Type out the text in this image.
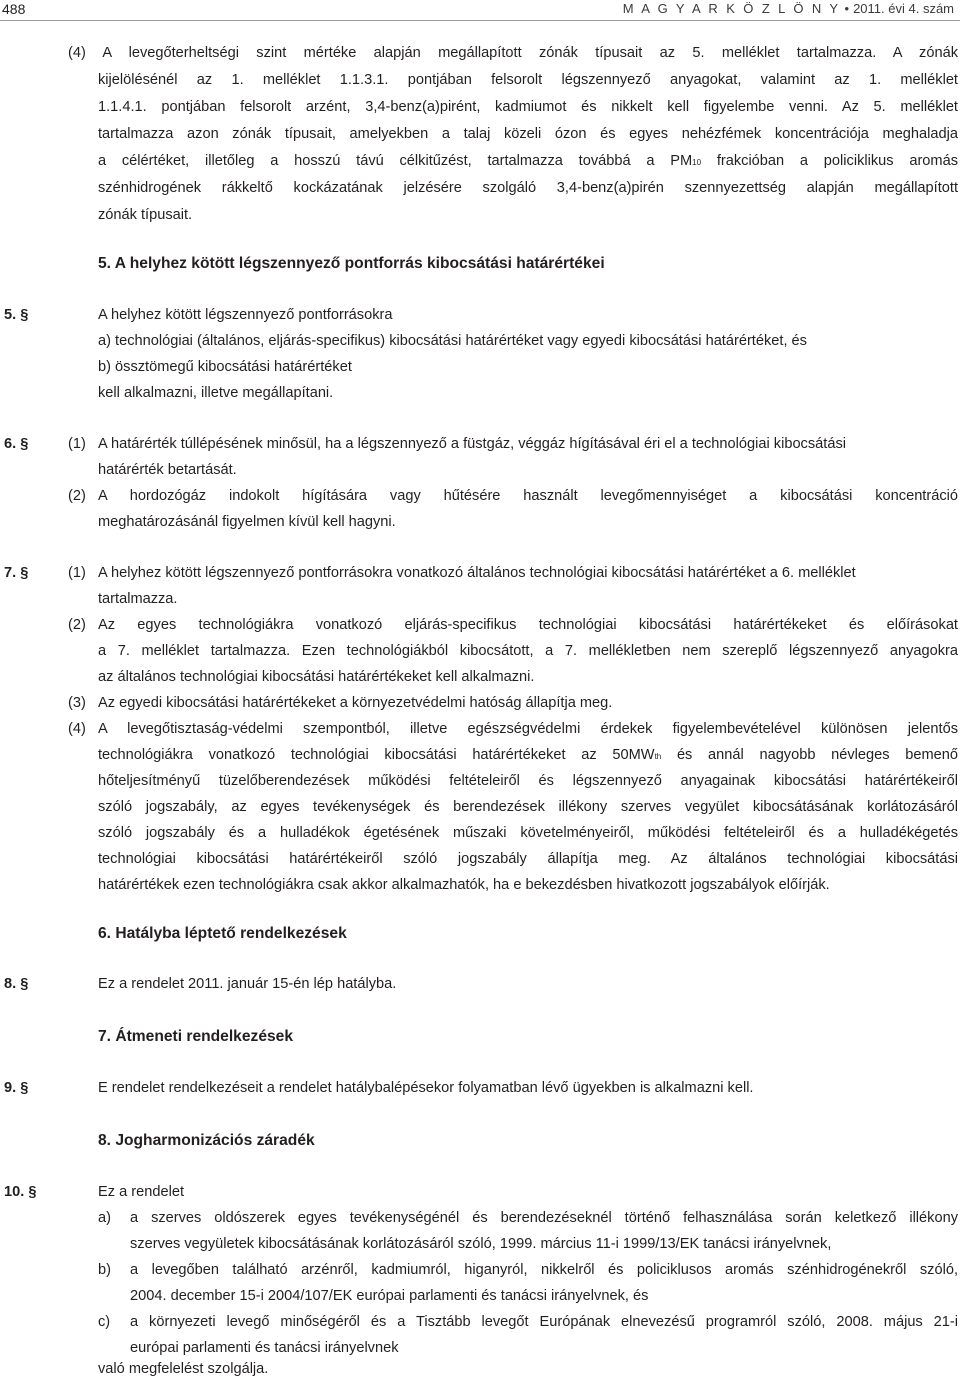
488	M A G Y A R K Ö Z L Ö N Y • 2011. évi 4. szám
(4) A levegőterheltségi szint mértéke alapján megállapított zónák típusait az 5. melléklet tartalmazza. A zónák
kijelölésénél az 1. melléklet 1.1.3.1. pontjában felsorolt légszennyező anyagokat, valamint az 1. melléklet
1.1.4.1. pontjában felsorolt arzént, 3,4-benz(a)pirént, kadmiumot és nikkelt kell figyelembe venni. Az 5. melléklet
tartalmazza azon zónák típusait, amelyekben a talaj közeli ózon és egyes nehézfémek koncentrációja meghaladja
a célértéket, illetőleg a hosszú távú célkitűzést, tartalmazza továbbá a PM10 frakcióban a policiklikus aromás
szénhidrogének rákkeltő kockázatának jelzésére szolgáló 3,4-benz(a)pirén szennyezettség alapján megállapított
zónák típusait.
5. A helyhez kötött légszennyező pontforrás kibocsátási határértékei
5. §	A helyhez kötött légszennyező pontforrásokra
a) technológiai (általános, eljárás-specifikus) kibocsátási határértéket vagy egyedi kibocsátási határértéket, és
b) össztömegű kibocsátási határértéket
kell alkalmazni, illetve megállapítani.
6. §	(1) A határérték túllépésének minősül, ha a légszennyező a füstgáz, véggáz hígításával éri el a technológiai kibocsátási
határérték betartását.
(2) A hordozógáz indokolt hígítására vagy hűtésére használt levegőmennyiséget a kibocsátási koncentráció
meghatározásánál figyelmen kívül kell hagyni.
7. §	(1) A helyhez kötött légszennyező pontforrásokra vonatkozó általános technológiai kibocsátási határértéket a 6. melléklet
tartalmazza.
(2) Az egyes technológiákra vonatkozó eljárás-specifikus technológiai kibocsátási határértékeket és előírásokat
a 7. melléklet tartalmazza. Ezen technológiákból kibocsátott, a 7. mellékletben nem szereplő légszennyező anyagokra
az általános technológiai kibocsátási határértékeket kell alkalmazni.
(3) Az egyedi kibocsátási határértékeket a környezetvédelmi hatóság állapítja meg.
(4) A levegőtisztaság-védelmi szempontból, illetve egészségvédelmi érdekek figyelembevételével különösen jelentős
technológiákra vonatkozó technológiai kibocsátási határértékeket az 50MWth és annál nagyobb névleges bemenő
hőteljesítményű tüzelőberendezések működési feltételeiről és légszennyező anyagainak kibocsátási határértékeiről
szóló jogszabály, az egyes tevékenységek és berendezések illékony szerves vegyület kibocsátásának korlátozásáról
szóló jogszabály és a hulladékok égetésének műszaki követelményeiről, működési feltételeiről és a hulladékégetés
technológiai kibocsátási határértékeiről szóló jogszabály állapítja meg. Az általános technológiai kibocsátási
határértékek ezen technológiákra csak akkor alkalmazhatók, ha e bekezdésben hivatkozott jogszabályok előírják.
6. Hatályba léptető rendelkezések
8. §	Ez a rendelet 2011. január 15-én lép hatályba.
7. Átmeneti rendelkezések
9. §	E rendelet rendelkezéseit a rendelet hatálybalépésekor folyamatban lévő ügyekben is alkalmazni kell.
8. Jogharmonizációs záradék
10. §	Ez a rendelet
a) a szerves oldószerek egyes tevékenységénél és berendezéseknél történő felhasználása során keletkező illékony
szerves vegyületek kibocsátásának korlátozásáról szóló, 1999. március 11-i 1999/13/EK tanácsi irányelvnek,
b) a levegőben található arzénről, kadmiumról, higanyról, nikkelről és policiklusos aromás szénhidrogénekről szóló,
2004. december 15-i 2004/107/EK európai parlamenti és tanácsi irányelvnek, és
c) a környezeti levegő minőségéről és a Tisztább levegőt Európának elnevezésű programról szóló, 2008. május 21-i
európai parlamenti és tanácsi irányelvnek
való megfelelést szolgálja.
